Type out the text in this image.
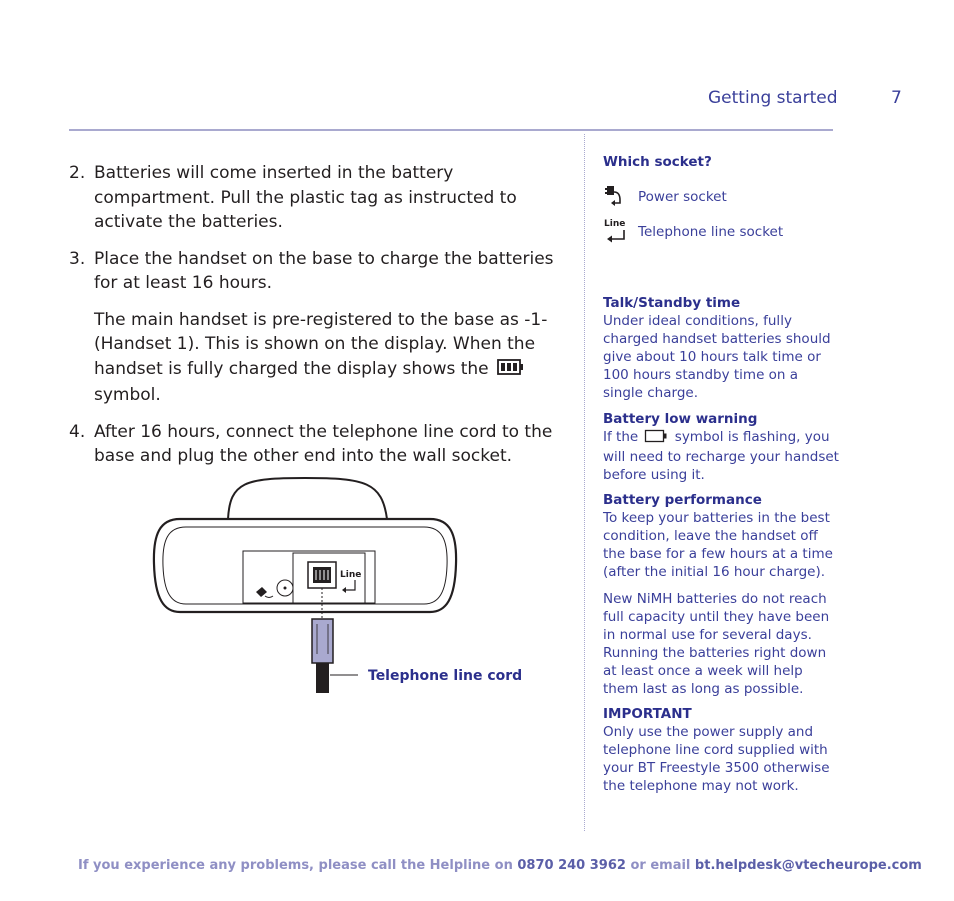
Getting started	7
2. Batteries will come inserted in the battery compartment. Pull the plastic tag as instructed to activate the batteries.
3. Place the handset on the base to charge the batteries for at least 16 hours.
The main handset is pre-registered to the base as -1- (Handset 1). This is shown on the display. When the handset is fully charged the display shows the  symbol.
4. After 16 hours, connect the telephone line cord to the base and plug the other end into the wall socket.
Line
Telephone line cord
Which socket?
Power socket
Line
Telephone line socket
Talk/Standby time

Under ideal conditions, fully charged handset batteries should give about 10 hours talk time or 100 hours standby time on a single charge.

Battery low warning

If the	symbol is flashing, you will need to recharge your handset before using it.

Battery performance

To keep your batteries in the best condition, leave the handset off the base for a few hours at a time (after the initial 16 hour charge).

New NiMH batteries do not reach full capacity until they have been in normal use for several days. Running the batteries right down at least once a week will help them last as long as possible.

IMPORTANT

Only use the power supply and telephone line cord supplied with your BT Freestyle 3500 otherwise the telephone may not work.

If you experience any problems, please call the Helpline on 0870 240 3962 or email bt.helpdesk@vtecheurope.com
